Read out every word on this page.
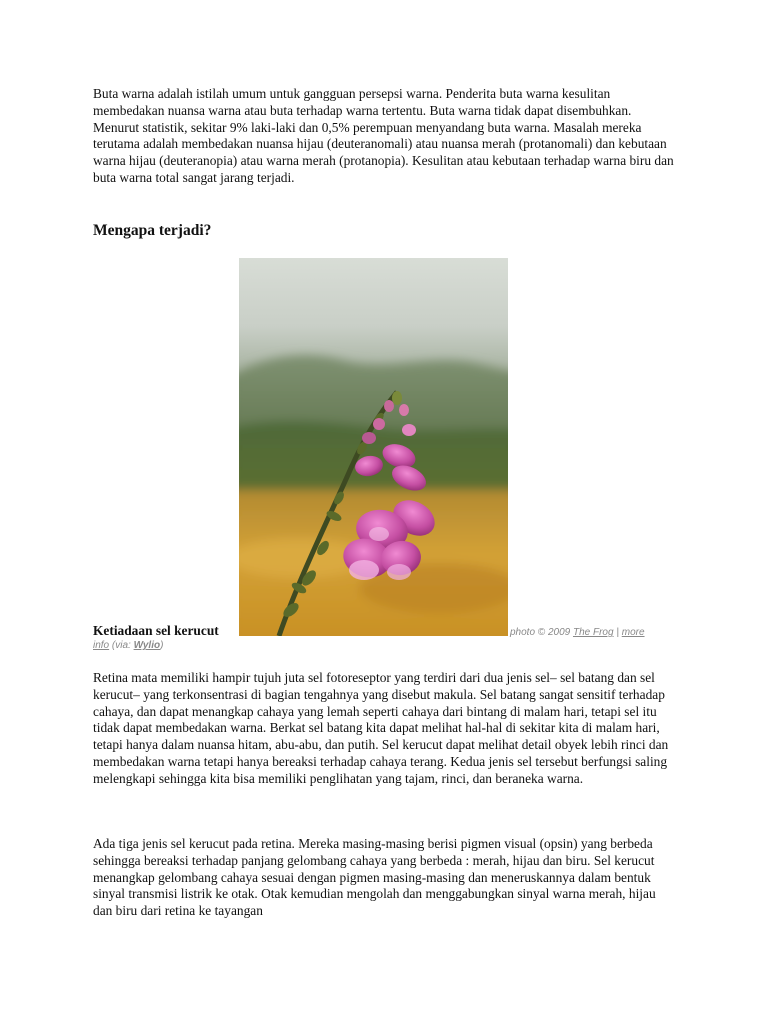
Buta warna adalah istilah umum untuk gangguan persepsi warna. Penderita buta warna kesulitan membedakan nuansa warna atau buta terhadap warna tertentu. Buta warna tidak dapat disembuhkan. Menurut statistik, sekitar 9% laki-laki dan 0,5% perempuan menyandang buta warna. Masalah mereka terutama adalah membedakan nuansa hijau (deuteranomali) atau nuansa merah (protanomali) dan kebutaan warna hijau (deuteranopia) atau warna merah (protanopia). Kesulitan atau kebutaan terhadap warna biru dan buta warna total sangat jarang terjadi.

Mengapa terjadi?
Ketiadaan sel kerucut	photo © 2009 The Frog | more
info (via: Wylio)

Retina mata memiliki hampir tujuh juta sel fotoreseptor yang terdiri dari dua jenis sel– sel batang dan sel kerucut– yang terkonsentrasi di bagian tengahnya yang disebut makula. Sel batang sangat sensitif terhadap cahaya, dan dapat menangkap cahaya yang lemah seperti cahaya dari bintang di malam hari, tetapi sel itu tidak dapat membedakan warna. Berkat sel batang kita dapat melihat hal-hal di sekitar kita di malam hari, tetapi hanya dalam nuansa hitam, abu-abu, dan putih. Sel kerucut dapat melihat detail obyek lebih rinci dan membedakan warna tetapi hanya bereaksi terhadap cahaya terang. Kedua jenis sel tersebut berfungsi saling melengkapi sehingga kita bisa memiliki penglihatan yang tajam, rinci, dan beraneka warna.

Ada tiga jenis sel kerucut pada retina. Mereka masing-masing berisi pigmen visual (opsin) yang berbeda sehingga bereaksi terhadap panjang gelombang cahaya yang berbeda : merah, hijau dan biru. Sel kerucut menangkap gelombang cahaya sesuai dengan pigmen masing-masing dan meneruskannya dalam bentuk sinyal transmisi listrik ke otak. Otak kemudian mengolah dan menggabungkan sinyal warna merah, hijau dan biru dari retina ke tayangan
